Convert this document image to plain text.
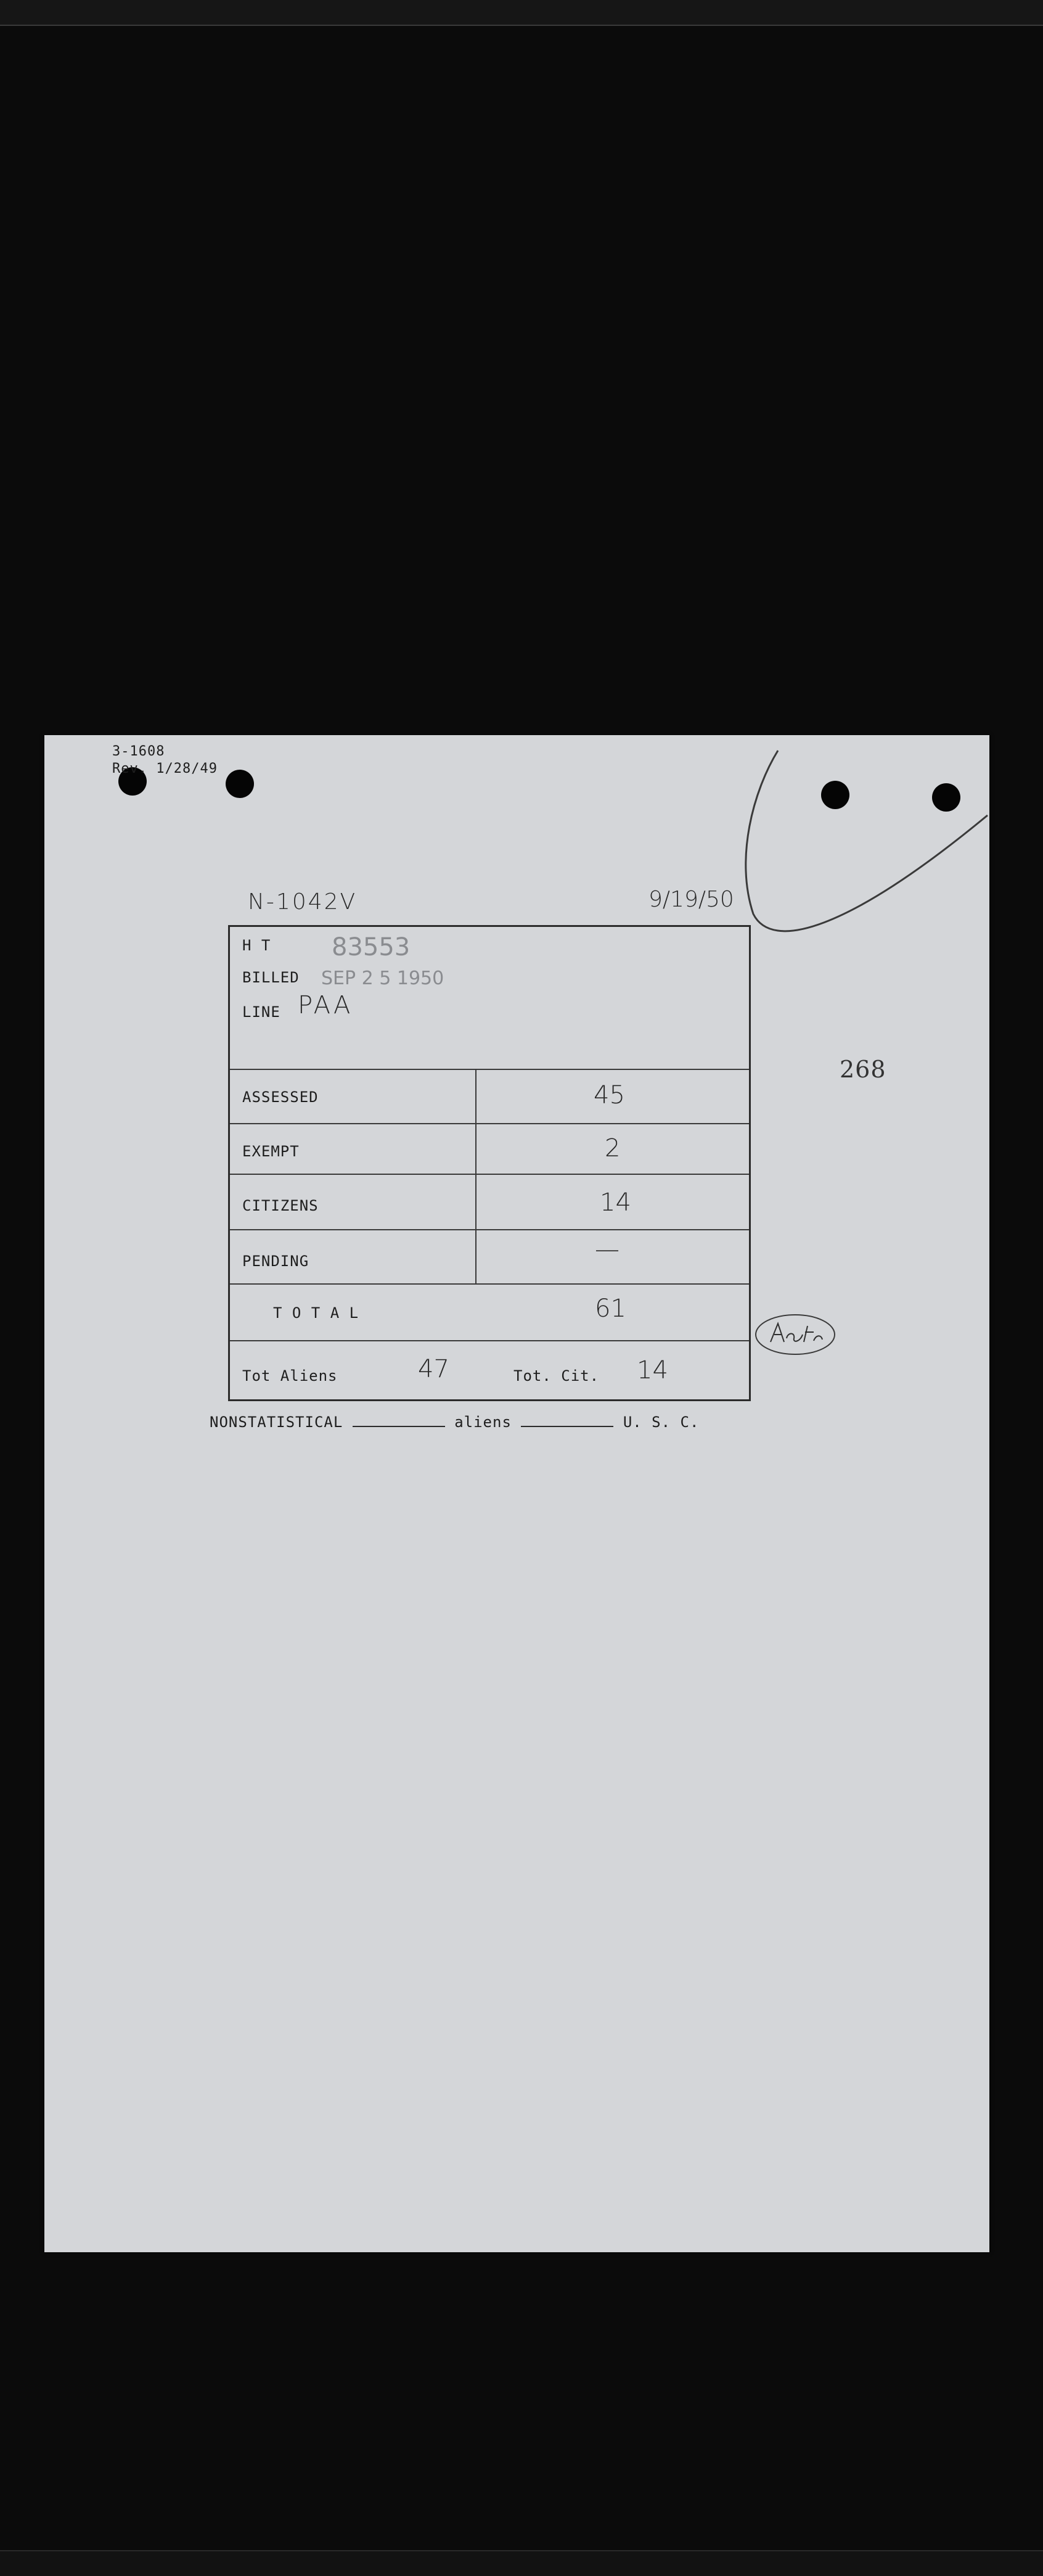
3-1608
Rev. 1/28/49
N-1042V	9/19/50
268
H T 83553
BILLED SEP 2 5 1950
LINE PAA
ASSESSED	45
EXEMPT	2
CITIZENS	14
PENDING	—
T O T A L	61
Tot Aliens	47	Tot. Cit. 14
NONSTATISTICAL	aliens	U. S. C.
